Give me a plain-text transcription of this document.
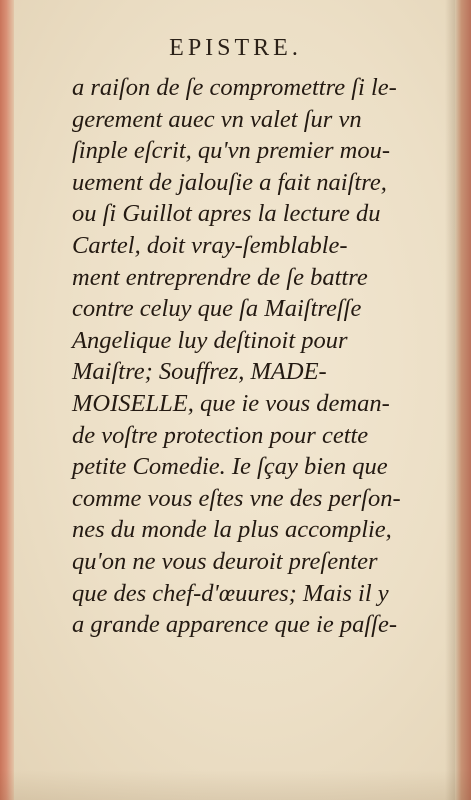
EPISTRE.
a raiſon de ſe compromettre ſi le-
gerement auec vn valet ſur vn
ſinple eſcrit, qu'vn premier mou-
uement de jalouſie a fait naiſtre,
ou ſi Guillot apres la lecture du
Cartel, doit vray-ſemblable-
ment entreprendre de ſe battre
contre celuy que ſa Maiſtreſſe
Angelique luy deſtinoit pour
Maiſtre; Souffrez, MADE-
MOISELLE, que ie vous deman-
de voſtre protection pour cette
petite Comedie. Ie ſçay bien que
comme vous eſtes vne des perſon-
nes du monde la plus accomplie,
qu'on ne vous deuroit preſenter
que des chef-d'œuures; Mais il y
a grande apparence que ie paſſe-
